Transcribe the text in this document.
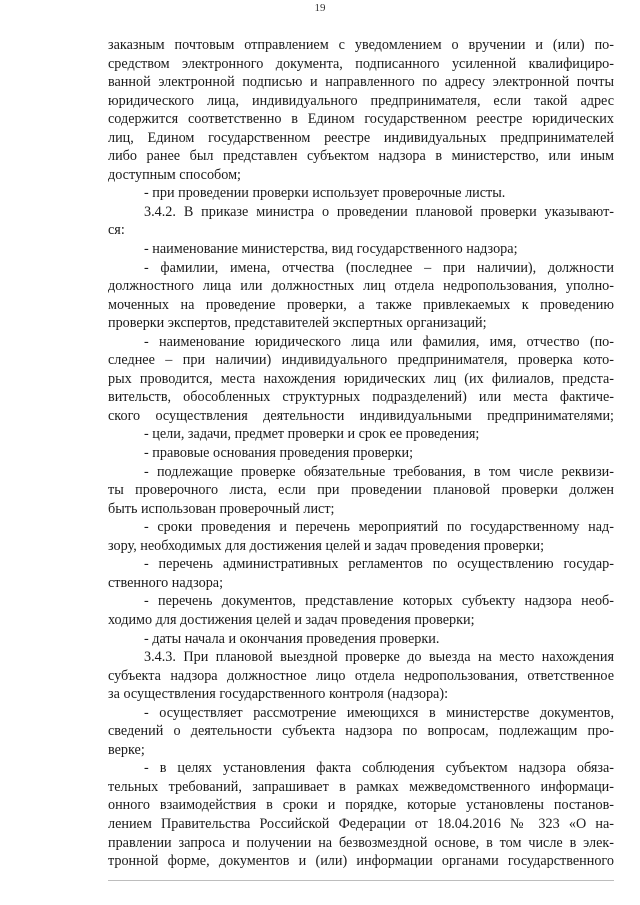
19
заказным почтовым отправлением с уведомлением о вручении и (или) по-
средством электронного документа, подписанного усиленной квалифициро-
ванной электронной подписью и направленного по адресу электронной почты
юридического лица, индивидуального предпринимателя, если такой адрес
содержится соответственно в Едином государственном реестре юридических
лиц, Едином государственном реестре индивидуальных предпринимателей
либо ранее был представлен субъектом надзора в министерство, или иным
доступным способом;
- при проведении проверки использует проверочные листы.
3.4.2. В приказе министра о проведении плановой проверки указывают-
ся:
- наименование министерства, вид государственного надзора;
- фамилии, имена, отчества (последнее – при наличии), должности
должностного лица или должностных лиц отдела недропользования, уполно-
моченных на проведение проверки, а также привлекаемых к проведению
проверки экспертов, представителей экспертных организаций;
- наименование юридического лица или фамилия, имя, отчество (по-
следнее – при наличии) индивидуального предпринимателя, проверка кото-
рых проводится, места нахождения юридических лиц (их филиалов, предста-
вительств, обособленных структурных подразделений) или места фактиче-
ского осуществления деятельности индивидуальными предпринимателями;
- цели, задачи, предмет проверки и срок ее проведения;
- правовые основания проведения проверки;
- подлежащие проверке обязательные требования, в том числе реквизи-
ты проверочного листа, если при проведении плановой проверки должен
быть использован проверочный лист;
- сроки проведения и перечень мероприятий по государственному над-
зору, необходимых для достижения целей и задач проведения проверки;
- перечень административных регламентов по осуществлению государ-
ственного надзора;
- перечень документов, представление которых субъекту надзора необ-
ходимо для достижения целей и задач проведения проверки;
- даты начала и окончания проведения проверки.
3.4.3. При плановой выездной проверке до выезда на место нахождения
субъекта надзора должностное лицо отдела недропользования, ответственное
за осуществления государственного контроля (надзора):
- осуществляет рассмотрение имеющихся в министерстве документов,
сведений о деятельности субъекта надзора по вопросам, подлежащим про-
верке;
- в целях установления факта соблюдения субъектом надзора обяза-
тельных требований, запрашивает в рамках межведомственного информаци-
онного взаимодействия в сроки и порядке, которые установлены постанов-
лением Правительства Российской Федерации от 18.04.2016 № 323 «О на-
правлении запроса и получении на безвозмездной основе, в том числе в элек-
тронной форме, документов и (или) информации органами государственного
